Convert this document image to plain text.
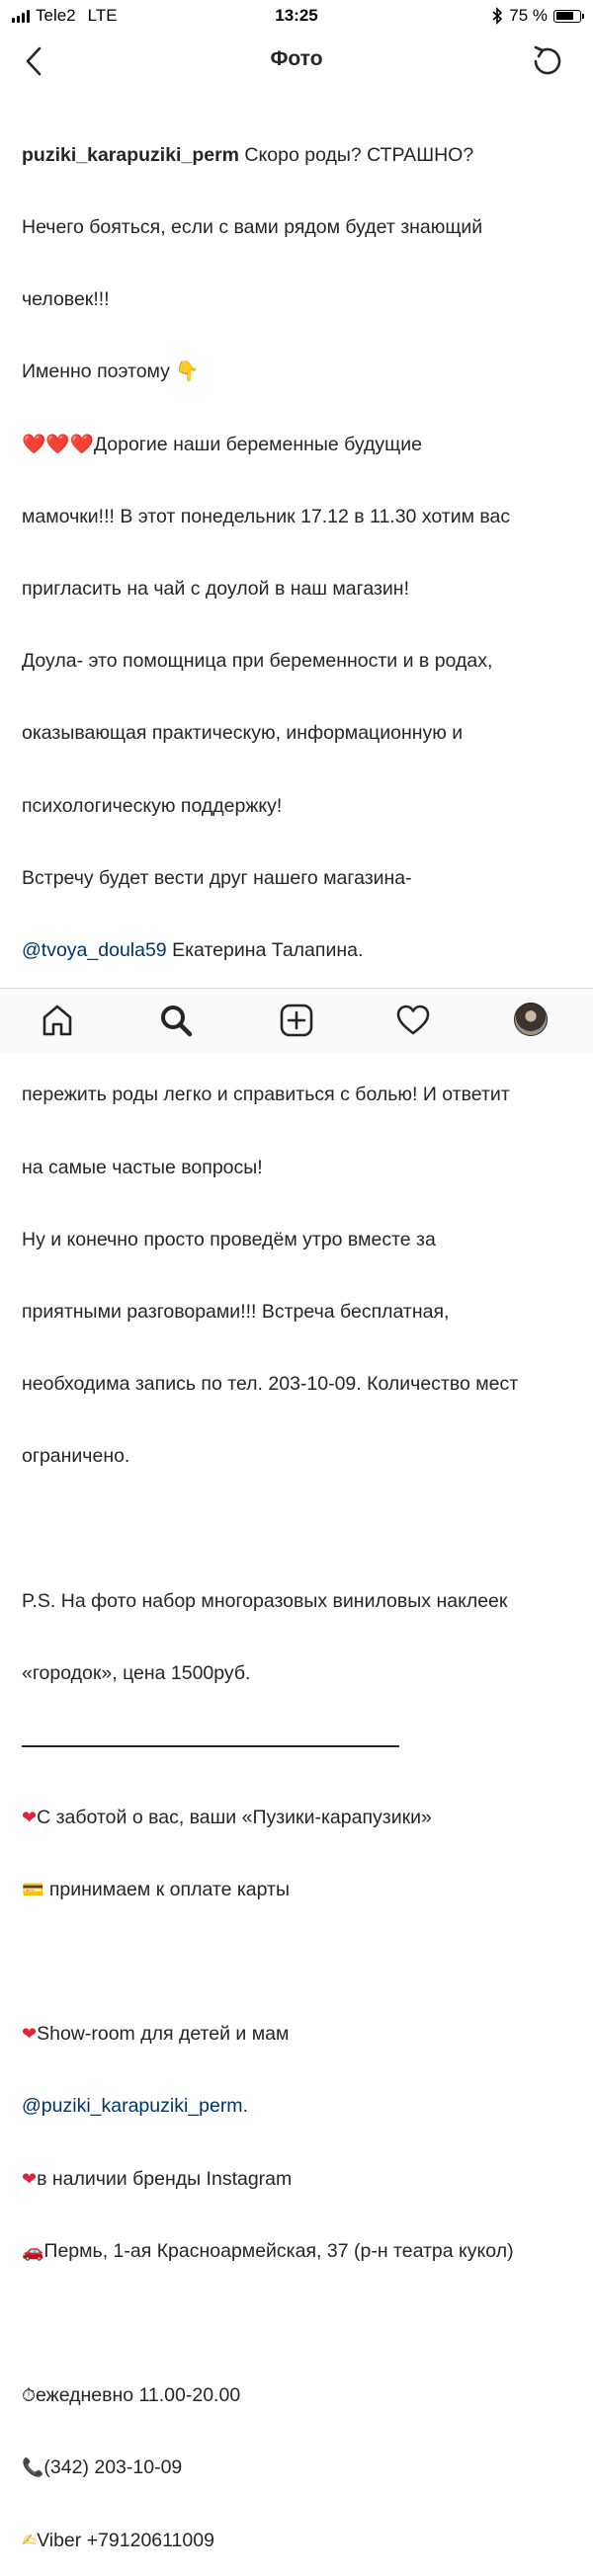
Tele2 LTE	13:25	75 %
Фото

puziki_karapuziki_perm Скоро роды? СТРАШНО?

Нечего бояться, если с вами рядом будет знающий

человек!!!

Именно поэтому 👇

❤️❤️❤️Дорогие наши беременные будущие

мамочки!!! В этот понедельник 17.12 в 11.30 хотим вас

пригласить на чай с доулой в наш магазин!

Доула- это помощница при беременности и в родах,

оказывающая практическую, информационную и

психологическую поддержку!

Встречу будет вести друг нашего магазина-

@tvoya_doula59 Екатерина Талапина.

пережить роды легко и справиться с болью! И ответит

на самые частые вопросы!

Ну и конечно просто проведём утро вместе за

приятными разговорами!!! Встреча бесплатная,

необходима запись по тел. 203-10-09. Количество мест

ограничено.

P.S. На фото набор многоразовых виниловых наклеек

«городок», цена 1500руб.

❤С заботой о вас, ваши «Пузики-карапузики»

💳 принимаем к оплате карты

❤Show-room для детей и мам

@puziki_karapuziki_perm.

❤в наличии бренды Instagram

🚗Пермь, 1-ая Красноармейская, 37 (р-н театра кукол)

⏱ежедневно 11.00-20.00

📞(342) 203-10-09

✍Viber +79120611009
